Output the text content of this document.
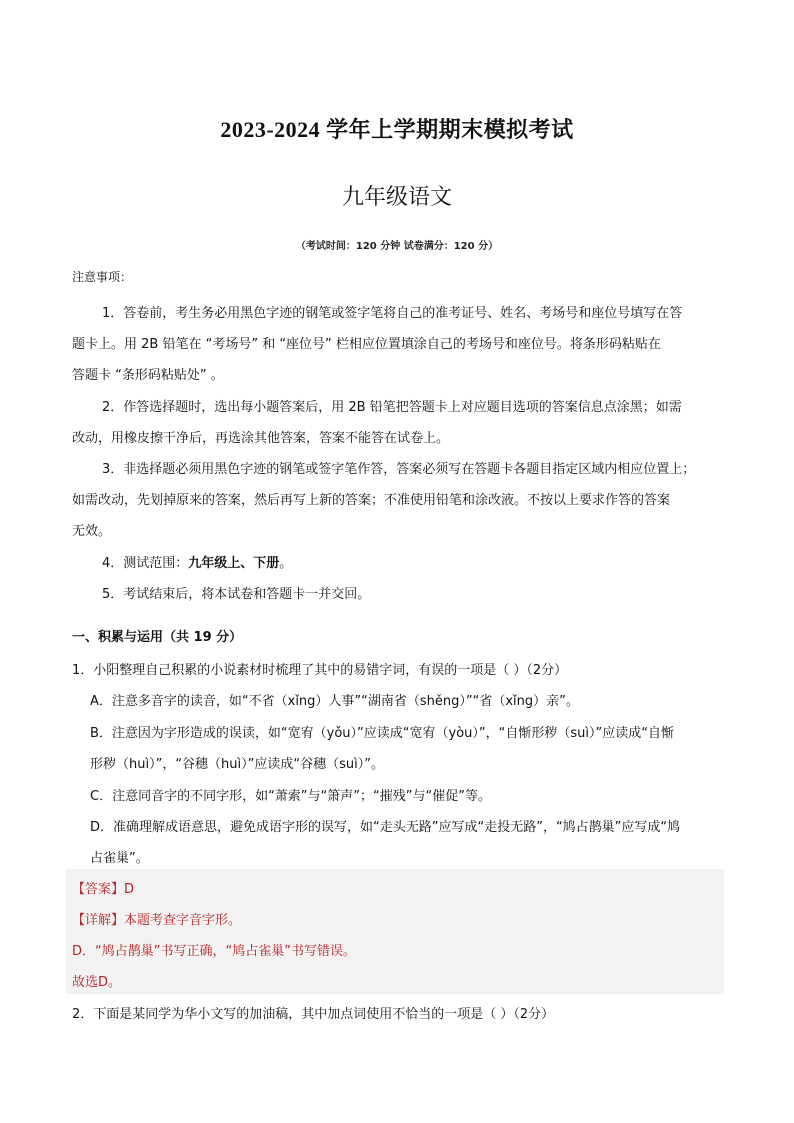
2023-2024 学年上学期期末模拟考试
九年级语文
（考试时间：120 分钟 试卷满分：120 分）
注意事项：
1．答卷前，考生务必用黑色字迹的钢笔或签字笔将自己的准考证号、姓名、考场号和座位号填写在答
题卡上。用 2B 铅笔在 “考场号” 和 “座位号” 栏相应位置填涂自己的考场号和座位号。将条形码粘贴在
答题卡 “条形码粘贴处” 。
2．作答选择题时，选出每小题答案后，用 2B 铅笔把答题卡上对应题目选项的答案信息点涂黑；如需
改动，用橡皮擦干净后，再选涂其他答案，答案不能答在试卷上。
3．非选择题必须用黑色字迹的钢笔或签字笔作答，答案必须写在答题卡各题目指定区域内相应位置上；
如需改动，先划掉原来的答案，然后再写上新的答案；不准使用铅笔和涂改液。不按以上要求作答的答案
无效。
4．测试范围：九年级上、下册。
5．考试结束后，将本试卷和答题卡一并交回。
一、积累与运用（共 19 分）
1．小阳整理自己积累的小说素材时梳理了其中的易错字词，有误的一项是（ ）（2分）
A．注意多音字的读音，如“不省（xǐng）人事”“湖南省（shěng）”“省（xǐng）亲”。
B．注意因为字形造成的误读，如“宽宥（yǒu）”应读成“宽宥（yòu）”，“自惭形秽（suì）”应读成“自惭
形秽（huì）”，“谷穗（huì）”应读成“谷穗（suì）”。
C．注意同音字的不同字形，如“萧索”与“箫声”；“摧残”与“催促”等。
D．准确理解成语意思，避免成语字形的误写，如“走头无路”应写成“走投无路”，“鸠占鹊巢”应写成“鸠
占雀巢”。
【答案】D
【详解】本题考查字音字形。
D．“鸠占鹊巢”书写正确，“鸠占雀巢”书写错误。
故选D。
2．下面是某同学为华小文写的加油稿，其中加点词使用不恰当的一项是（ ）（2分）
